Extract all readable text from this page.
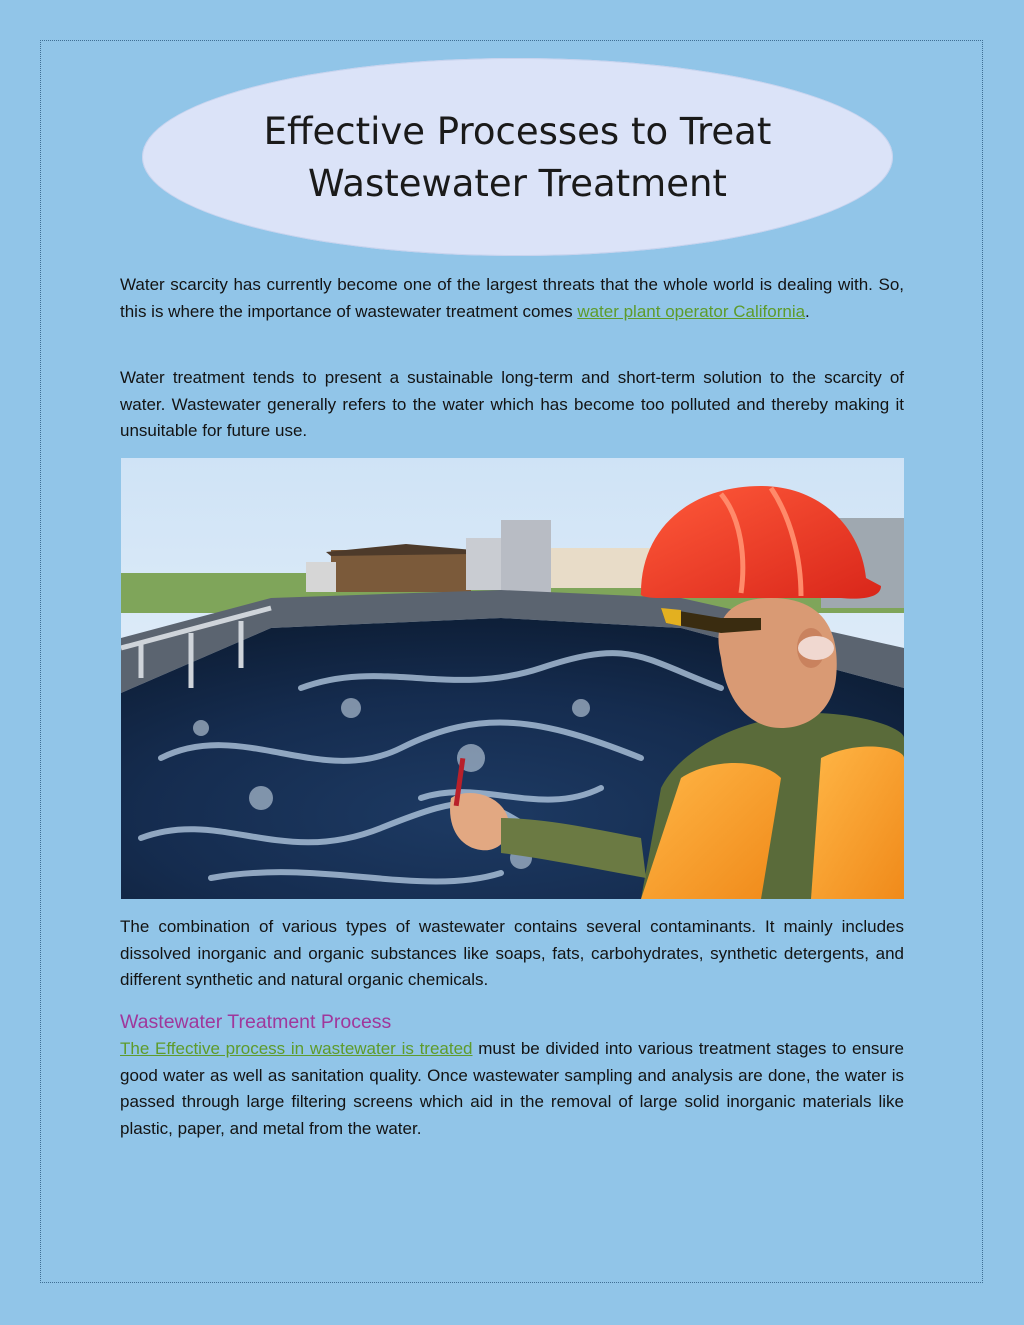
Effective Processes to Treat Wastewater Treatment
Water scarcity has currently become one of the largest threats that the whole world is dealing with. So, this is where the importance of wastewater treatment comes water plant operator California.
Water treatment tends to present a sustainable long-term and short-term solution to the scarcity of water. Wastewater generally refers to the water which has become too polluted and thereby making it unsuitable for future use.
The combination of various types of wastewater contains several contaminants. It mainly includes dissolved inorganic and organic substances like soaps, fats, carbohydrates, synthetic detergents, and different synthetic and natural organic chemicals.
Wastewater Treatment Process
The Effective process in wastewater is treated must be divided into various treatment stages to ensure good water as well as sanitation quality. Once wastewater sampling and analysis are done, the water is passed through large filtering screens which aid in the removal of large solid inorganic materials like plastic, paper, and metal from the water.
